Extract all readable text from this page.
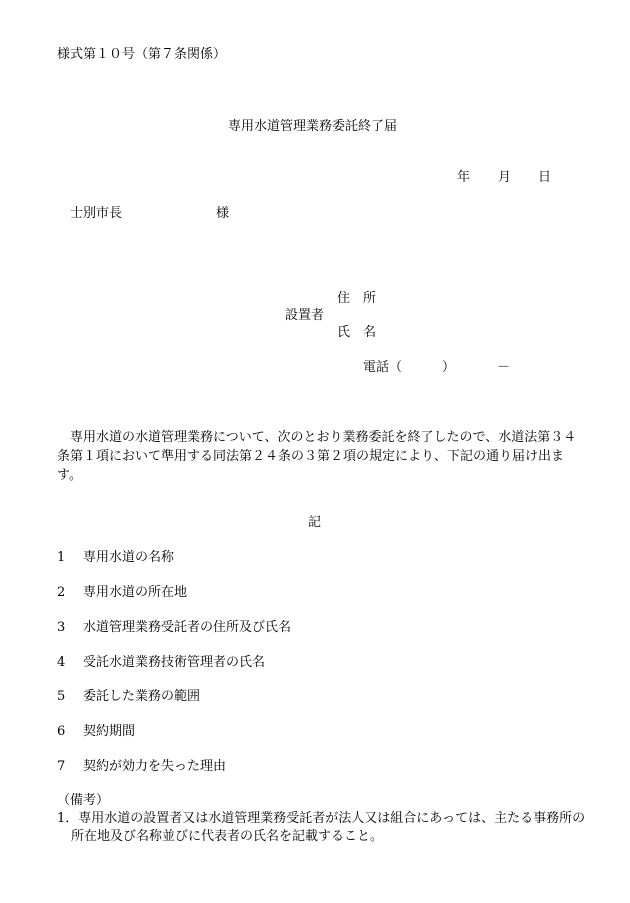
様式第１０号（第７条関係）
専用水道管理業務委託終了届
年 月 日
士別市長	様
住　所
設置者
氏　名
電話（	）	－
専用水道の水道管理業務について、次のとおり業務委託を終了したので、水道法第３４条第１項において準用する同法第２４条の３第２項の規定により、下記の通り届け出ます。
記
1 専用水道の名称
2 専用水道の所在地
3 水道管理業務受託者の住所及び氏名
4 受託水道業務技術管理者の氏名
5 委託した業務の範囲
6 契約期間
7 契約が効力を失った理由
（備考）
1．専用水道の設置者又は水道管理業務受託者が法人又は組合にあっては、主たる事務所の所在地及び名称並びに代表者の氏名を記載すること。
